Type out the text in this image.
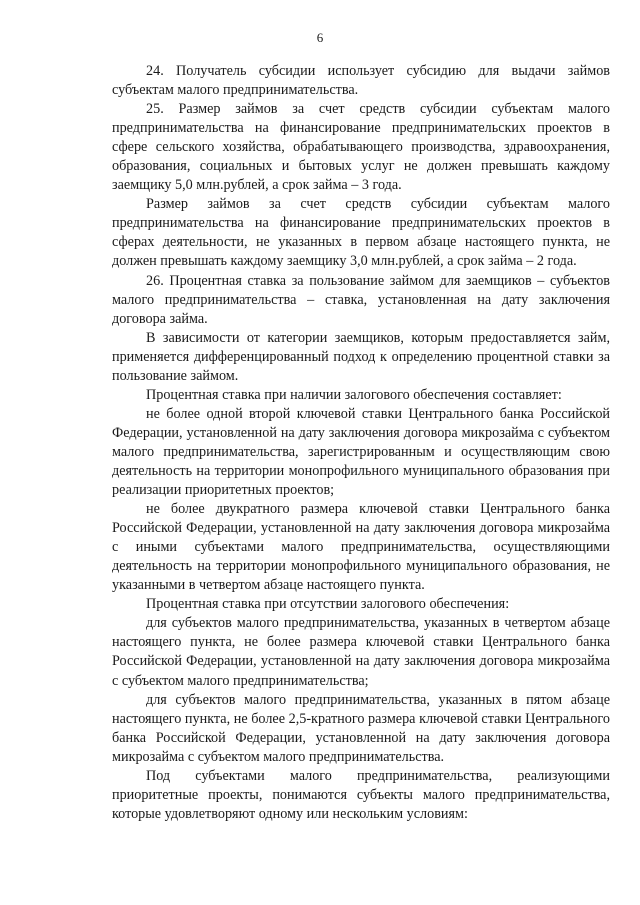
6

24. Получатель субсидии использует субсидию для выдачи займов субъектам малого предпринимательства.

25. Размер займов за счет средств субсидии субъектам малого предпринимательства на финансирование предпринимательских проектов в сфере сельского хозяйства, обрабатывающего производства, здравоохранения, образования, социальных и бытовых услуг не должен превышать каждому заемщику 5,0 млн.рублей, а срок займа – 3 года.

Размер займов за счет средств субсидии субъектам малого предпринимательства на финансирование предпринимательских проектов в сферах деятельности, не указанных в первом абзаце настоящего пункта, не должен превышать каждому заемщику 3,0 млн.рублей, а срок займа – 2 года.

26. Процентная ставка за пользование займом для заемщиков – субъектов малого предпринимательства – ставка, установленная на дату заключения договора займа.

В зависимости от категории заемщиков, которым предоставляется займ, применяется дифференцированный подход к определению процентной ставки за пользование займом.

Процентная ставка при наличии залогового обеспечения составляет:

не более одной второй ключевой ставки Центрального банка Российской Федерации, установленной на дату заключения договора микрозайма с субъектом малого предпринимательства, зарегистрированным и осуществляющим свою деятельность на территории монопрофильного муниципального образования при реализации приоритетных проектов;

не более двукратного размера ключевой ставки Центрального банка Российской Федерации, установленной на дату заключения договора микрозайма с иными субъектами малого предпринимательства, осуществляющими деятельность на территории монопрофильного муниципального образования, не указанными в четвертом абзаце настоящего пункта.

Процентная ставка при отсутствии залогового обеспечения:

для субъектов малого предпринимательства, указанных в четвертом абзаце настоящего пункта, не более размера ключевой ставки Центрального банка Российской Федерации, установленной на дату заключения договора микрозайма с субъектом малого предпринимательства;

для субъектов малого предпринимательства, указанных в пятом абзаце настоящего пункта, не более 2,5-кратного размера ключевой ставки Центрального банка Российской Федерации, установленной на дату заключения договора микрозайма с субъектом малого предпринимательства.

Под субъектами малого предпринимательства, реализующими приоритетные проекты, понимаются субъекты малого предпринимательства, которые удовлетворяют одному или нескольким условиям:
